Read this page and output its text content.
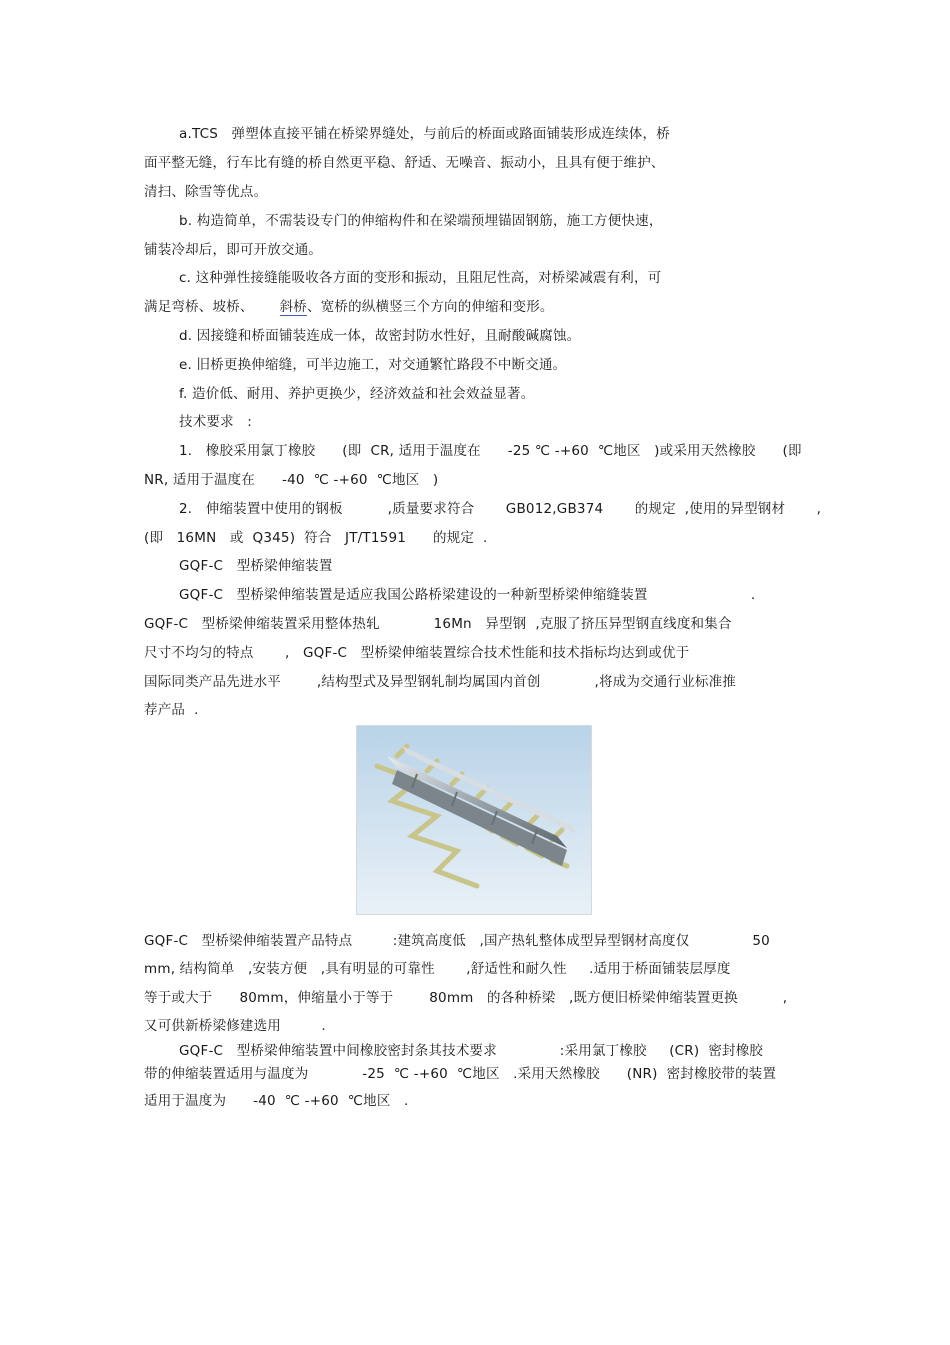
a.TCS   弹塑体直接平铺在桥梁界缝处，与前后的桥面或路面铺装形成连续体，桥
面平整无缝，行车比有缝的桥自然更平稳、舒适、无噪音、振动小，且具有便于维护、
清扫、除雪等优点。
b. 构造简单，不需装设专门的伸缩构件和在梁端预埋锚固钢筋，施工方便快速，
铺装冷却后，即可开放交通。
c. 这种弹性接缝能吸收各方面的变形和振动，且阻尼性高，对桥梁减震有利，可
满足弯桥、坡桥、 斜桥、宽桥的纵横竖三个方向的伸缩和变形。
d. 因接缝和桥面铺装连成一体，故密封防水性好，且耐酸碱腐蚀。
e. 旧桥更换伸缩缝，可半边施工，对交通繁忙路段不中断交通。
f. 造价低、耐用、养护更换少，经济效益和社会效益显著。
技术要求   :
1.   橡胶采用氯丁橡胶      (即  CR, 适用于温度在      -25 ℃ -+60  ℃地区   )或采用天然橡胶      (即
NR, 适用于温度在      -40  ℃ -+60  ℃地区   )
2.   伸缩装置中使用的钢板          ,质量要求符合       GB012,GB374       的规定  ,使用的异型钢材       ,
(即   16MN   或  Q345)  符合   JT/T1591      的规定  .
GQF-C   型桥梁伸缩装置
GQF-C   型桥梁伸缩装置是适应我国公路桥梁建设的一种新型桥梁伸缩缝装置                       .
GQF-C   型桥梁伸缩装置采用整体热轧            16Mn   异型钢  ,克服了挤压异型钢直线度和集合
尺寸不均匀的特点       ,   GQF-C   型桥梁伸缩装置综合技术性能和技术指标均达到或优于
国际同类产品先进水平        ,结构型式及异型钢轧制均属国内首创            ,将成为交通行业标准推
荐产品  .
GQF-C   型桥梁伸缩装置产品特点         :建筑高度低   ,国产热轧整体成型异型钢材高度仅              50
mm, 结构简单   ,安装方便   ,具有明显的可靠性       ,舒适性和耐久性     .适用于桥面铺装层厚度
等于或大于      80mm，伸缩量小于等于        80mm   的各种桥梁   ,既方便旧桥梁伸缩装置更换          ,
又可供新桥梁修建选用         .
GQF-C   型桥梁伸缩装置中间橡胶密封条其技术要求              :采用氯丁橡胶     (CR)  密封橡胶
带的伸缩装置适用与温度为            -25  ℃ -+60  ℃地区   .采用天然橡胶      (NR)  密封橡胶带的装置
适用于温度为      -40  ℃ -+60  ℃地区   .
